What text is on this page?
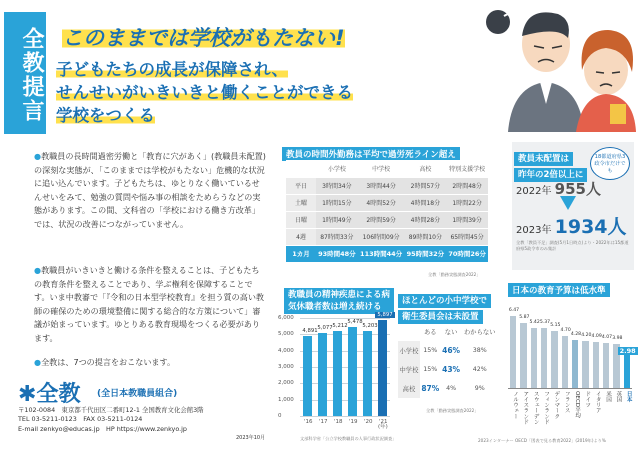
全教提言 このままでは学校がもたない!
子どもたちの成長が保障され、
せんせいがいきいきと働くことができる
学校をつくる
●教職員の長時間過密労働と「教育に穴があく」(教職員未配置)の深刻な実態が、「このままでは学校がもたない」危機的な状況に追い込んでいます。子どもたちは、ゆとりなく働いているせんせいをみて、勉強の質問や悩み事の相談をためらうなどの実態があります。この間、文科省の「学校における働き方改革」では、状況の改善につながっていません。
●教職員がいきいきと働ける条件を整えることは、子どもたちの教育条件を整えることであり、学ぶ権利を保障することです。いま中教審で「『令和の日本型学校教育』を担う質の高い教師の確保のための環境整備に関する総合的な方策について」審議が始まっています。ゆとりある教育現場をつくる必要があります。
●全教は、7つの提言をおこないます。
✱全教 (全日本教職員組合)
〒102-0084　東京都千代田区二番町12-1 全国教育文化会館3階
TEL 03-5211-0123　FAX 03-5211-0124
E-mail zenkyo@educas.jp　HP https://www.zenkyo.jp
2023年10月
教員の時間外勤務は平均で過労死ライン超え
	小学校	中学校	高校	特別支援学校
平日	3時間34分	3時間44分	2時間57分	2時間48分
土曜	1時間15分	4時間52分	4時間18分	1時間22分
日曜	1時間49分	2時間59分	4時間28分	1時間39分
4週	87時間33分	106時間09分	89時間10分	65時間45分
1カ月	93時間48分	113時間44分	95時間32分	70時間26分
全教「勤務実態調査2022」
教員未配置は
昨年の2倍以上に
18都道府県3政令市だけでも
2022年 955人
2023年 1934人
全教「教員不足」調査(5月1日時点)より・2022年は15都道府県5政令市のみ集計
教職員の精神疾患による病気休職者数は増え続ける
6,000
5,000
4,000
3,000
2,000
1,000
0
4,891
'16
5,077
'17
5,212
'18
5,478
'19
5,203
'20
5,897
'21
(年)
文部科学省「公立学校教職員の人事行政状況調査」
ほとんどの小中学校で
衛生委員会は未設置
	ある	ない	わからない
小学校	15%	46%	38%
中学校	15%	43%	42%
高校	87%	4%	9%
全教「勤務実態調査2022」
日本の教育予算は低水準
6.47
ノルウェー
5.87
アイスランド
5.42
スウェーデン
5.37
フィンランド
5.15
デンマーク
4.70
フランス
4.28
OECD平均
4.20
ドイツ
4.09
イタリア
4.07
米国
3.98
英国
2.98
日本
2023インターナー OECD「図表で見る教育2022」(2019年)より%
